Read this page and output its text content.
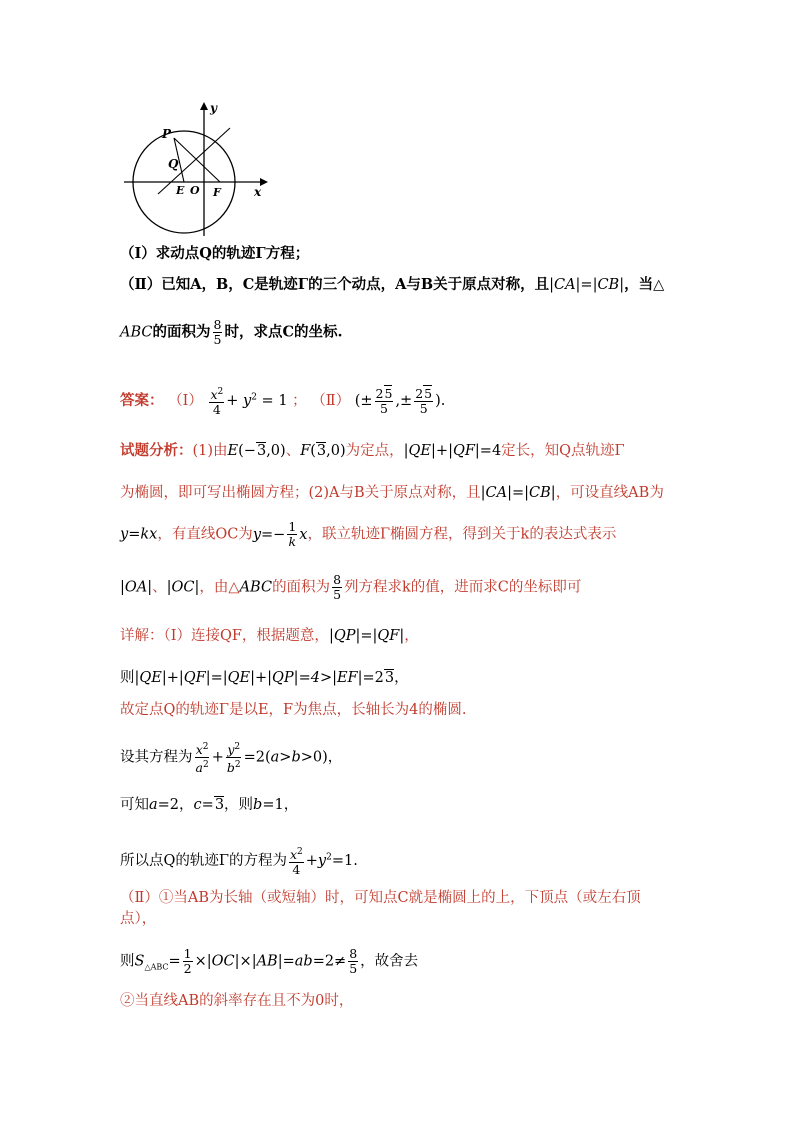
y
x
P
Q
E O F
（Ⅰ）求动点Q的轨迹Γ方程；
（Ⅱ）已知A，B，C是轨迹Γ的三个动点，A与B关于原点对称，且|CA|=|CB|，当△
ABC的面积为 $\frac{8}{5}$ 时，求点C的坐标.
答案： （Ⅰ） $\frac{x^2}{4} + y^2 = 1$ ； （Ⅱ） (± $\frac{25}{5}$ ,± $\frac{25}{5}$ ).
试题分析：(1)由E(−3,0)、F(3,0)为定点，|QE|+|QF|=4定长，知Q点轨迹Γ
为椭圆，即可写出椭圆方程；(2)A与B关于原点对称，且|CA|=|CB|，可设直线AB为
y=kx，有直线OC为$y=- \frac{1}{k}$ x，联立轨迹Γ椭圆方程，得到关于k的表达式表示
|OA|、|OC|，由△ABC的面积为 $\frac{8}{5}$ 列方程求k的值，进而求C的坐标即可
详解：（Ⅰ）连接QF，根据题意，|QP|=|QF|，
则|QE|+|QF|=|QE|+|QP|=4>|EF|=23，
故定点Q的轨迹Γ是以E，F为焦点，长轴长为4的椭圆.
设其方程为 $\frac{x^2}{a^2} + \frac{y^2}{b^2} =2(a>b>0)$，
可知a=2，c=3，则b=1，
所以点Q的轨迹Γ的方程为 $\frac{x^2}{4} +y^2=1$.
（Ⅱ）①当AB为长轴（或短轴）时，可知点C就是椭圆上的上，下顶点（或左右顶
点），
则$S_{\triangle ABC}= \frac{1}{2} \times|OC|\times|AB|=ab=2\ne \frac{8}{5}$ ，故舍去
②当直线AB的斜率存在且不为0时，
